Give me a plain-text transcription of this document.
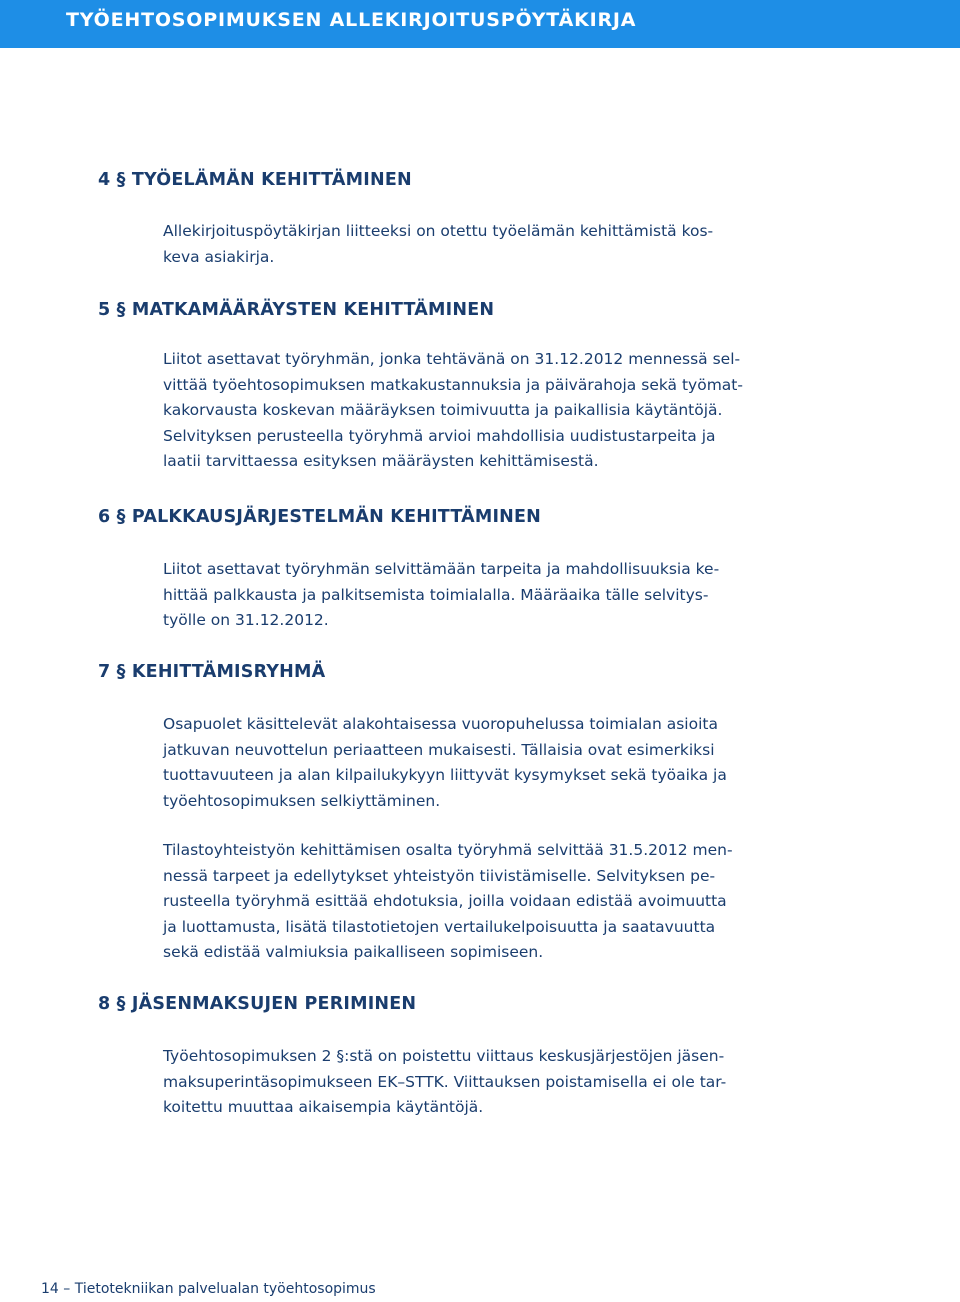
TYÖEHTOSOPIMUKSEN ALLEKIRJOITUSPÖYTÄKIRJA
4 § TYÖELÄMÄN KEHITTÄMINEN
Allekirjoituspöytäkirjan liitteeksi on otettu työelämän kehittämistä kos-
keva asiakirja.
5 § MATKAMÄÄRÄYSTEN KEHITTÄMINEN
Liitot asettavat työryhmän, jonka tehtävänä on 31.12.2012 mennessä sel-
vittää työehtosopimuksen matkakustannuksia ja päivärahoja sekä työmat-
kakorvausta koskevan määräyksen toimivuutta ja paikallisia käytäntöjä.
Selvityksen perusteella työryhmä arvioi mahdollisia uudistustarpeita ja
laatii tarvittaessa esityksen määräysten kehittämisestä.
6 § PALKKAUSJÄRJESTELMÄN KEHITTÄMINEN
Liitot asettavat työryhmän selvittämään tarpeita ja mahdollisuuksia ke-
hittää palkkausta ja palkitsemista toimialalla. Määräaika tälle selvitys-
työlle on 31.12.2012.
7 § KEHITTÄMISRYHMÄ
Osapuolet käsittelevät alakohtaisessa vuoropuhelussa toimialan asioita
jatkuvan neuvottelun periaatteen mukaisesti. Tällaisia ovat esimerkiksi
tuottavuuteen ja alan kilpailukykyyn liittyvät kysymykset sekä työaika ja
työehtosopimuksen selkiyttäminen.
Tilastoyhteistyön kehittämisen osalta työryhmä selvittää 31.5.2012 men-
nessä tarpeet ja edellytykset yhteistyön tiivistämiselle. Selvityksen pe-
rusteella työryhmä esittää ehdotuksia, joilla voidaan edistää avoimuutta
ja luottamusta, lisätä tilastotietojen vertailukelpoisuutta ja saatavuutta
sekä edistää valmiuksia paikalliseen sopimiseen.
8 § JÄSENMAKSUJEN PERIMINEN
Työehtosopimuksen 2 §:stä on poistettu viittaus keskusjärjestöjen jäsen-
maksuperintäsopimukseen EK–STTK. Viittauksen poistamisella ei ole tar-
koitettu muuttaa aikaisempia käytäntöjä.
14 – Tietotekniikan palvelualan työehtosopimus
